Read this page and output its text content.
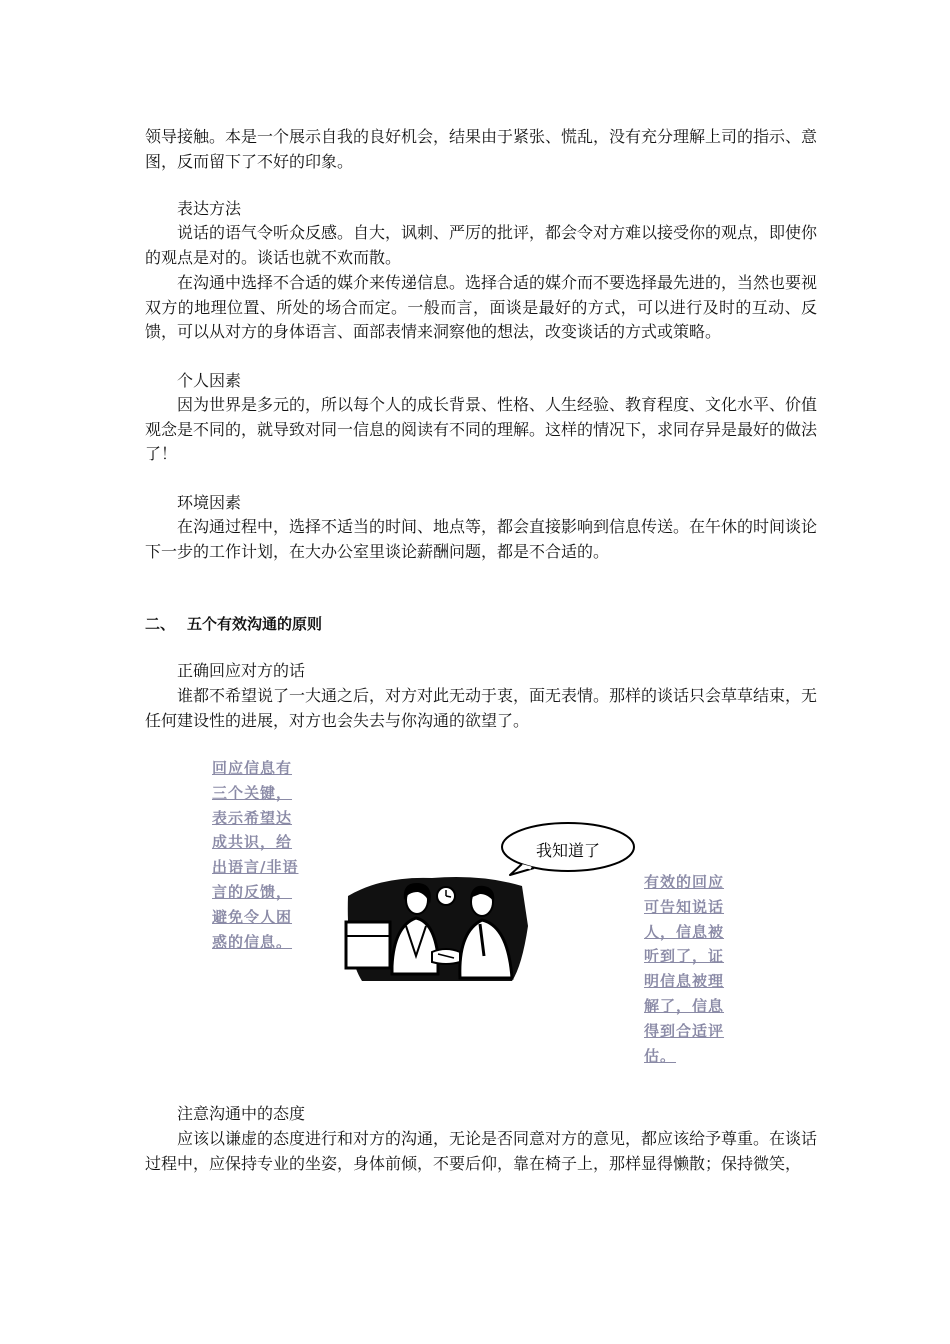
领导接触。本是一个展示自我的良好机会，结果由于紧张、慌乱，没有充分理解上司的指示、意图，反而留下了不好的印象。

表达方法

说话的语气令听众反感。自大，讽刺、严厉的批评，都会令对方难以接受你的观点，即使你的观点是对的。谈话也就不欢而散。

在沟通中选择不合适的媒介来传递信息。选择合适的媒介而不要选择最先进的，当然也要视双方的地理位置、所处的场合而定。一般而言，面谈是最好的方式，可以进行及时的互动、反馈，可以从对方的身体语言、面部表情来洞察他的想法，改变谈话的方式或策略。

个人因素

因为世界是多元的，所以每个人的成长背景、性格、人生经验、教育程度、文化水平、价值观念是不同的，就导致对同一信息的阅读有不同的理解。这样的情况下，求同存异是最好的做法了！

环境因素

在沟通过程中，选择不适当的时间、地点等，都会直接影响到信息传送。在午休的时间谈论下一步的工作计划，在大办公室里谈论薪酬问题，都是不合适的。

二、 五个有效沟通的原则

正确回应对方的话

谁都不希望说了一大通之后，对方对此无动于衷，面无表情。那样的谈话只会草草结束，无任何建设性的进展，对方也会失去与你沟通的欲望了。

回应信息有三个关键，表示希望达成共识，给出语言/非语言的反馈，避免令人困惑的信息。
我知道了
有效的回应可告知说话人，信息被听到了，证明信息被理解了，信息得到合适评估。

注意沟通中的态度

应该以谦虚的态度进行和对方的沟通，无论是否同意对方的意见，都应该给予尊重。在谈话过程中，应保持专业的坐姿，身体前倾，不要后仰，靠在椅子上，那样显得懒散；保持微笑，
